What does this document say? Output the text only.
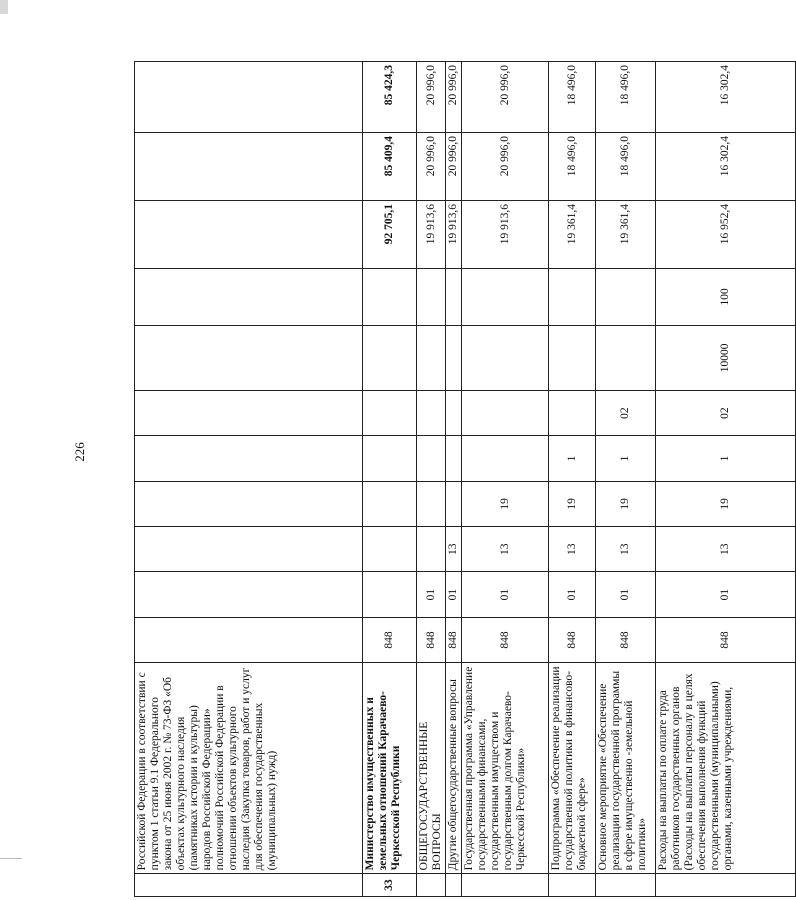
226
	Российской Федерации в соответствии с пунктом 1 статьи 9.1 Федерального закона от 25 июня 2002 г. № 73-ФЗ «Об объектах культурного наследия (памятниках истории и культуры) народов Российской Федерации» полномочий Российской Федерации в отношении объектов культурного наследия (Закупка товаров, работ и услуг для обеспечения государственных (муниципальных) нужд)											
33	Министерство имущественных и земельных отношений Карачаево-Черкесской Республики	848								92 705,1	85 409,4	85 424,3
	ОБЩЕГОСУДАРСТВЕННЫЕ ВОПРОСЫ	848	01							19 913,6	20 996,0	20 996,0
	Другие общегосударственные вопросы	848	01	13						19 913,6	20 996,0	20 996,0
	Государственная программа «Управление государственными финансами, государственным имуществом и государственным долгом Карачаево-Черкесской Республики»	848	01	13	19					19 913,6	20 996,0	20 996,0
	Подпрограмма «Обеспечение реализации государственной политики в финансово-бюджетной сфере»	848	01	13	19	1				19 361,4	18 496,0	18 496,0
	Основное мероприятие «Обеспечение реализации государственной программы в сфере имущественно -земельной политики»	848	01	13	19	1	02			19 361,4	18 496,0	18 496,0
	Расходы на выплаты по оплате труда работников государственных органов (Расходы на выплаты персоналу в целях обеспечения выполнения функций государственными (муниципальными) органами, казенными учреждениями,	848	01	13	19	1	02	10000	100	16 952,4	16 302,4	16 302,4
